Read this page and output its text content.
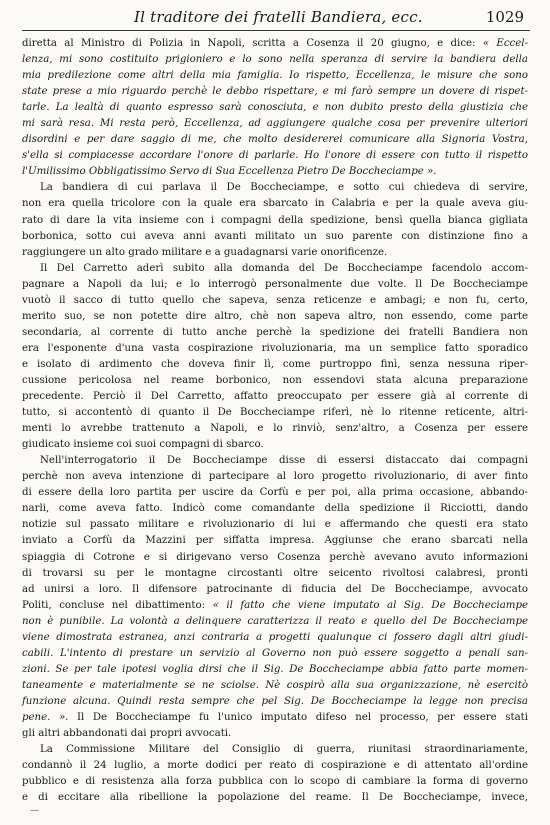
Il traditore dei fratelli Bandiera, ecc.	1029
diretta al Ministro di Polizia in Napoli, scritta a Cosenza il 20 giugno, e dice: « Eccel-
lenza, mi sono costituito prigioniero e lo sono nella speranza di servire la bandiera della
mia predilezione come altri della mia famiglia. Io rispetto, Eccellenza, le misure che sono
state prese a mio riguardo perchè le debbo rispettare, e mi farò sempre un dovere di rispet-
tarle. La lealtà di quanto espresso sarà conosciuta, e non dubito presto della giustizia che
mi sarà resa. Mi resta però, Eccellenza, ad aggiungere qualche cosa per prevenire ulteriori
disordini e per dare saggio di me, che molto desidererei comunicare alla Signoria Vostra,
s'ella si compiacesse accordare l'onore di parlarle. Ho l'onore di essere con tutto il rispetto
l'Umilissimo Obbligatissimo Servo di Sua Eccellenza Pietro De Boccheciampe ».
La bandiera di cui parlava il De Boccheciampe, e sotto cui chiedeva di servire,
non era quella tricolore con la quale era sbarcato in Calabria e per la quale aveva giu-
rato di dare la vita insieme con i compagni della spedizione, bensì quella bianca gigliata
borbonica, sotto cui aveva anni avanti militato un suo parente con distinzione fino a
raggiungere un alto grado militare e a guadagnarsi varie onorificenze.
Il Del Carretto aderì subito alla domanda del De Boccheciampe facendolo accom-
pagnare a Napoli da lui; e lo interrogò personalmente due volte. Il De Boccheciampe
vuotò il sacco di tutto quello che sapeva, senza reticenze e ambagi; e non fu, certo,
merito suo, se non potette dire altro, chè non sapeva altro, non essendo, come parte
secondaria, al corrente di tutto anche perchè la spedizione dei fratelli Bandiera non
era l'esponente d'una vasta cospirazione rivoluzionaria, ma un semplice fatto sporadico
e isolato di ardimento che doveva finir lì, come purtroppo finì, senza nessuna riper-
cussione pericolosa nel reame borbonico, non essendovi stata alcuna preparazione
precedente. Perciò il Del Carretto, affatto preoccupato per essere già al corrente di
tutto, si accontentò di quanto il De Boccheciampe riferì, nè lo ritenne reticente, altri-
menti lo avrebbe trattenuto a Napoli, e lo rinviò, senz'altro, a Cosenza per essere
giudicato insieme coi suoi compagni di sbarco.
Nell'interrogatorio il De Boccheciampe disse di essersi distaccato dai compagni
perchè non aveva intenzione di partecipare al loro progetto rivoluzionario, di aver finto
di essere della loro partita per uscire da Corfù e per poi, alla prima occasione, abbando-
narli, come aveva fatto. Indicò come comandante della spedizione il Ricciotti, dando
notizie sul passato militare e rivoluzionario di lui e affermando che questi era stato
inviato a Corfù da Mazzini per siffatta impresa. Aggiunse che erano sbarcati nella
spiaggia di Cotrone e si dirigevano verso Cosenza perchè avevano avuto informazioni
di trovarsi su per le montagne circostanti oltre seicento rivoltosi calabresi, pronti
ad unirsi a loro. Il difensore patrocinante di fiducia del De Boccheciampe, avvocato
Politi, concluse nel dibattimento: « il fatto che viene imputato al Sig. De Boccheciampe
non è punibile. La volontà a delinquere caratterizza il reato e quello del De Boccheciampe
viene dimostrata estranea, anzi contraria a progetti qualunque ci fossero dagli altri giudi-
cabili. L'intento di prestare un servizio al Governo non può essere soggetto a penali san-
zioni. Se per tale ipotesi voglia dirsi che il Sig. De Boccheciampe abbia fatto parte momen-
taneamente e materialmente se ne sciolse. Nè cospirò alla sua organizzazione, nè esercitò
funzione alcuna. Quindi resta sempre che pel Sig. De Boccheciampe la legge non precisa
pene. ». Il De Boccheciampe fu l'unico imputato difeso nel processo, per essere stati
gli altri abbandonati dai propri avvocati.
La Commissione Militare del Consiglio di guerra, riunitasi straordinariamente,
condannò il 24 luglio, a morte dodici per reato di cospirazione e di attentato all'ordine
pubblico e di resistenza alla forza pubblica con lo scopo di cambiare la forma di governo
e di eccitare alla ribellione la popolazione del reame. Il De Boccheciampe, invece,
—
